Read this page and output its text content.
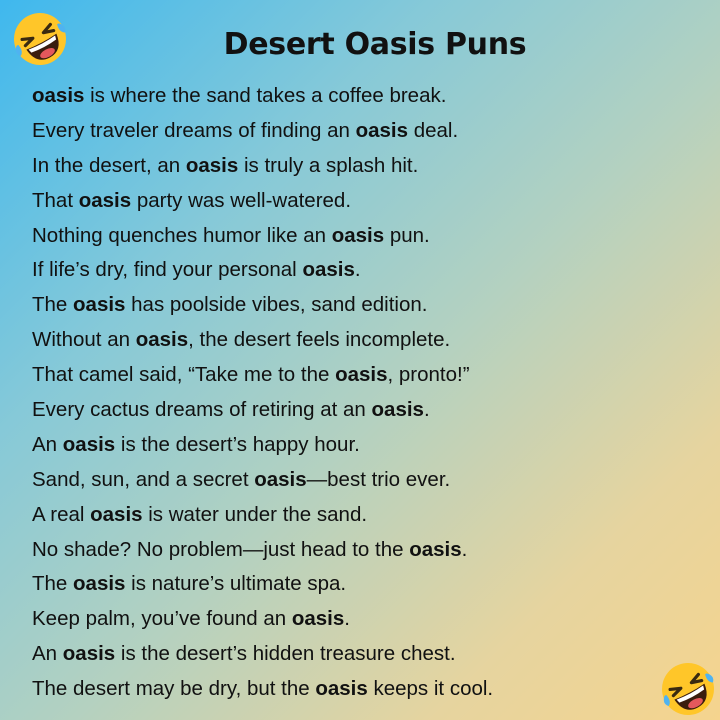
Desert Oasis Puns
oasis is where the sand takes a coffee break.
Every traveler dreams of finding an oasis deal.
In the desert, an oasis is truly a splash hit.
That oasis party was well-watered.
Nothing quenches humor like an oasis pun.
If life’s dry, find your personal oasis.
The oasis has poolside vibes, sand edition.
Without an oasis, the desert feels incomplete.
That camel said, “Take me to the oasis, pronto!”
Every cactus dreams of retiring at an oasis.
An oasis is the desert’s happy hour.
Sand, sun, and a secret oasis—best trio ever.
A real oasis is water under the sand.
No shade? No problem—just head to the oasis.
The oasis is nature’s ultimate spa.
Keep palm, you’ve found an oasis.
An oasis is the desert’s hidden treasure chest.
The desert may be dry, but the oasis keeps it cool.
